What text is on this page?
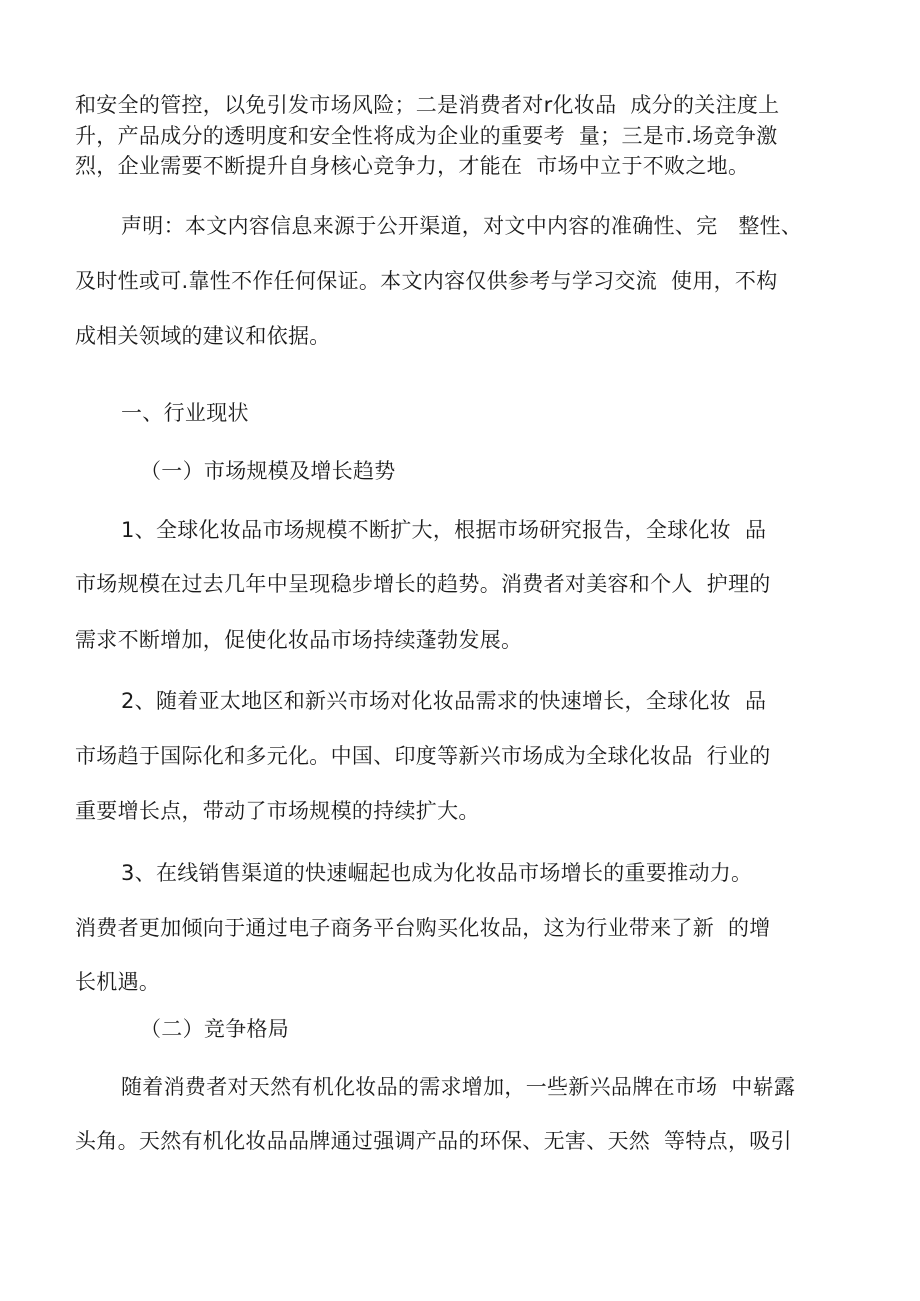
和安全的管控，以免引发市场风险；二是消费者对r化妆品  成分的关注度上
升，产品成分的透明度和安全性将成为企业的重要考  量；三是市.场竞争激
烈，企业需要不断提升自身核心竞争力，才能在  市场中立于不败之地。
声明：本文内容信息来源于公开渠道，对文中内容的准确性、完   整性、
及时性或可.靠性不作任何保证。本文内容仅供参考与学习交流  使用，不构
成相关领域的建议和依据。
一、行业现状
（一）市场规模及增长趋势
1、全球化妆品市场规模不断扩大，根据市场研究报告，全球化妆  品
市场规模在过去几年中呈现稳步增长的趋势。消费者对美容和个人  护理的
需求不断增加，促使化妆品市场持续蓬勃发展。
2、随着亚太地区和新兴市场对化妆品需求的快速增长，全球化妆  品
市场趋于国际化和多元化。中国、印度等新兴市场成为全球化妆品  行业的
重要增长点，带动了市场规模的持续扩大。
3、在线销售渠道的快速崛起也成为化妆品市场增长的重要推动力。
消费者更加倾向于通过电子商务平台购买化妆品，这为行业带来了新  的增
长机遇。
（二）竞争格局
随着消费者对天然有机化妆品的需求增加，一些新兴品牌在市场  中崭露
头角。天然有机化妆品品牌通过强调产品的环保、无害、天然  等特点，吸引
